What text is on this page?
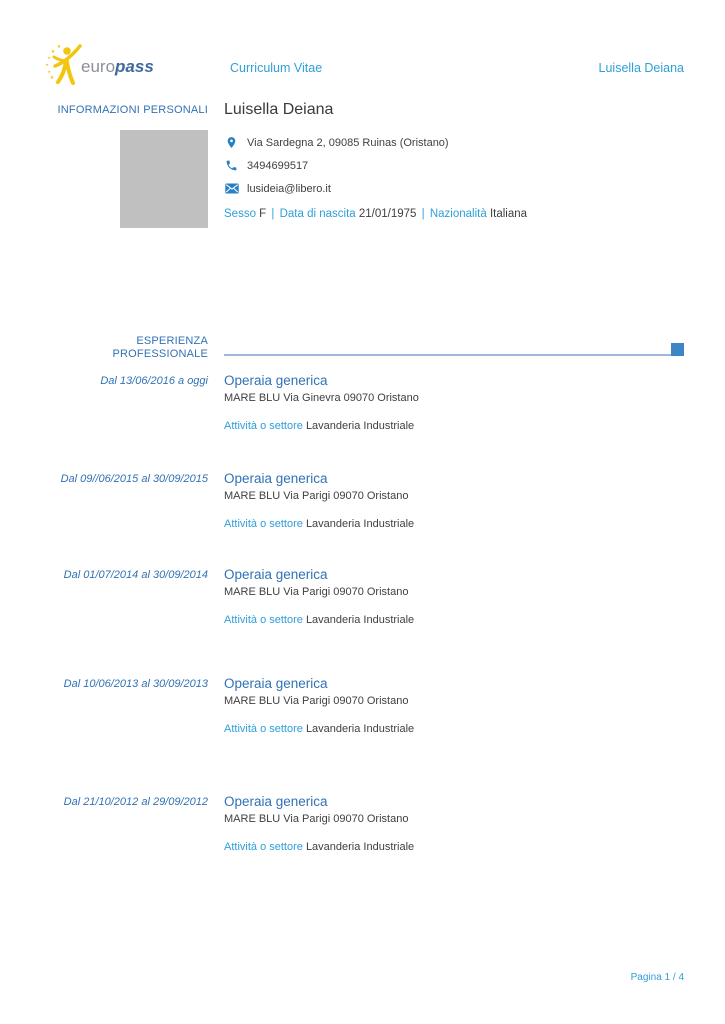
★
★
★
★
★
★
★
europass	Curriculum Vitae	Luisella Deiana
INFORMAZIONI PERSONALI Luisella Deiana
Via Sardegna 2, 09085 Ruinas (Oristano)
3494699517
lusideia@libero.it
Sesso F | Data di nascita 21/01/1975 | Nazionalità Italiana
ESPERIENZA
PROFESSIONALE
Dal 13/06/2016 a oggi Operaia generica
MARE BLU Via Ginevra 09070 Oristano
Attività o settore Lavanderia Industriale
Dal 09//06/2015 al 30/09/2015 Operaia generica
MARE BLU Via Parigi 09070 Oristano
Attività o settore Lavanderia Industriale
Dal 01/07/2014 al 30/09/2014 Operaia generica
MARE BLU Via Parigi 09070 Oristano
Attività o settore Lavanderia Industriale
Dal 10/06/2013 al 30/09/2013 Operaia generica
MARE BLU Via Parigi 09070 Oristano
Attività o settore Lavanderia Industriale
Dal 21/10/2012 al 29/09/2012 Operaia generica
MARE BLU Via Parigi 09070 Oristano
Attività o settore Lavanderia Industriale
Pagina 1 / 4
